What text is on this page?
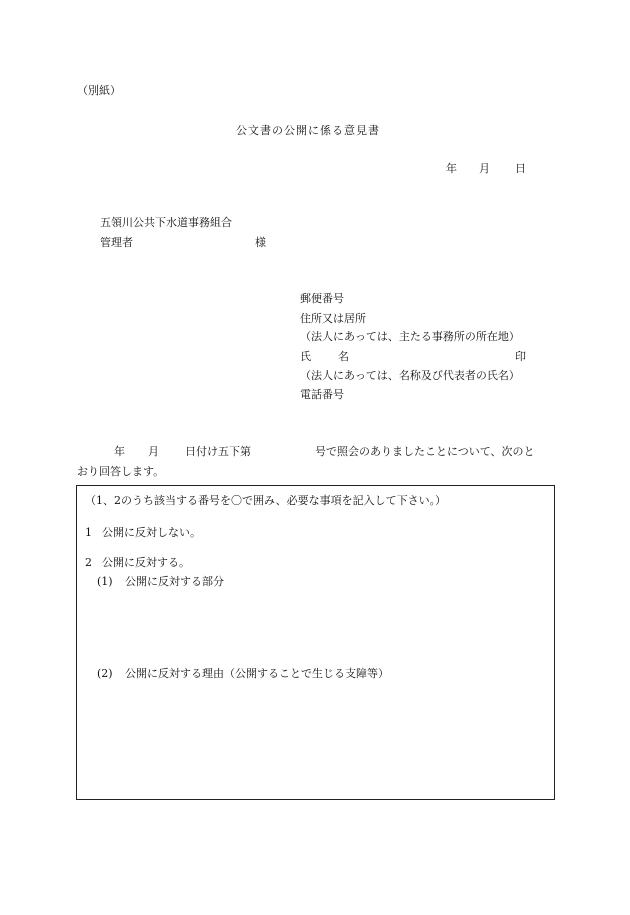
（別紙）
公文書の公開に係る意見書
年 月 日
五領川公共下水道事務組合
管理者	様
郵便番号
住所又は居所
（法人にあっては、主たる事務所の所在地）
氏 名	印
（法人にあっては、名称及び代表者の氏名）
電話番号
年 月 日付け五下第	号で照会のありましたことについて、次のと
おり回答します。
（1、2のうち該当する番号を〇で囲み、必要な事項を記入して下さい。）
1 公開に反対しない。
2 公開に反対する。
(1) 公開に反対する部分
(2) 公開に反対する理由（公開することで生じる支障等）
